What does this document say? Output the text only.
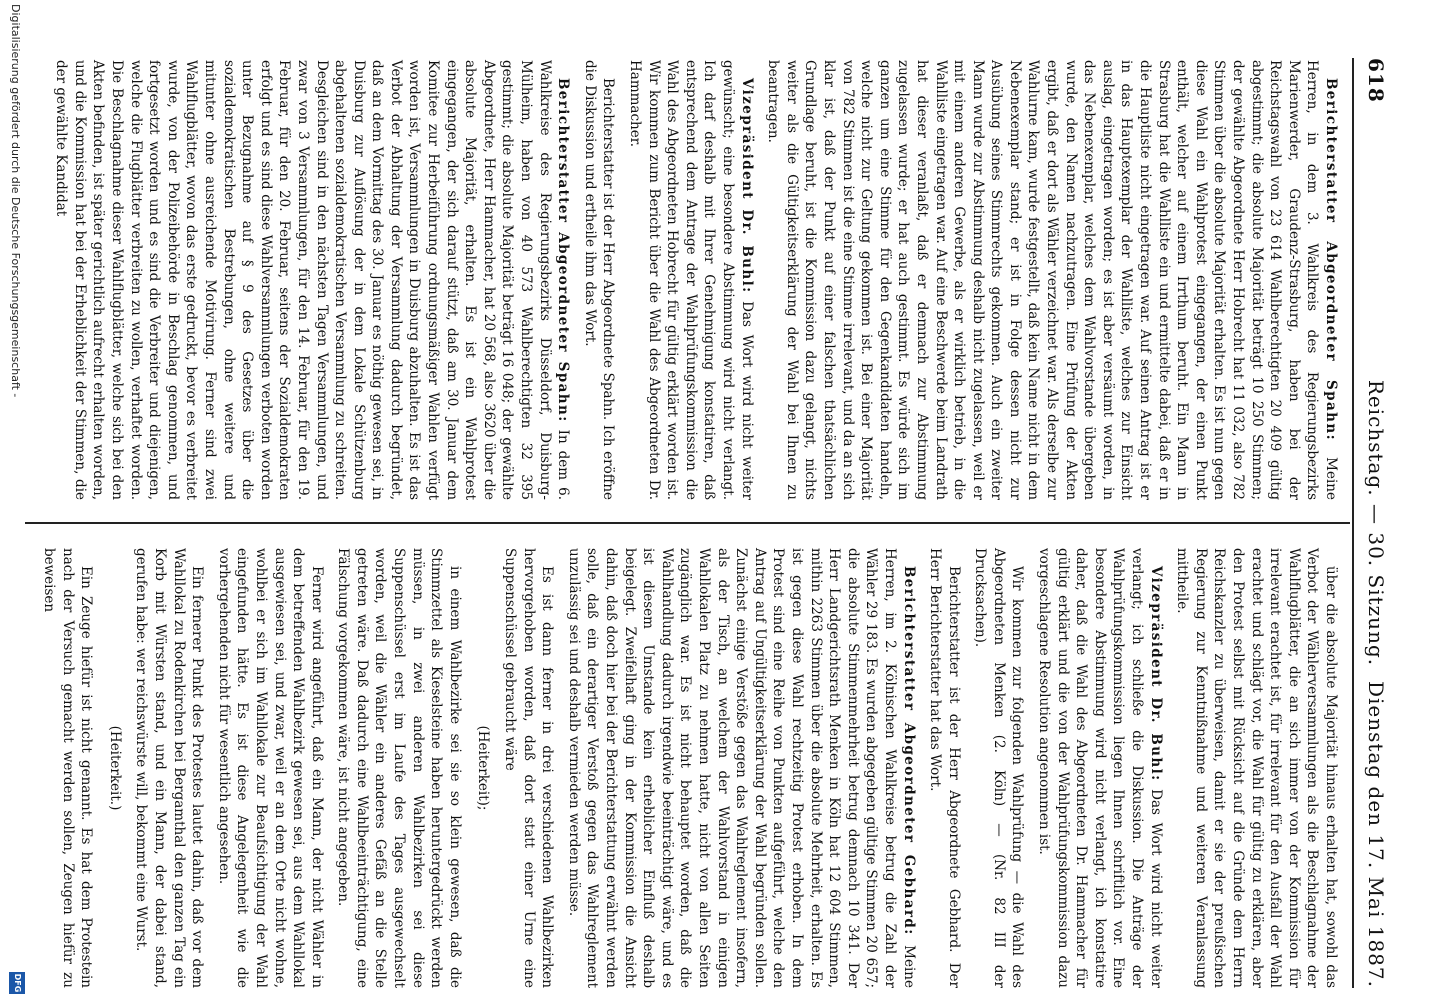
618
Reichstag. — 30. Sitzung.
Dienstag den 17. Mai 1887.

Berichterstatter Abgeordneter Spahn: Meine Herren, in dem 3. Wahlkreis des Regierungsbezirks Marienwerder, Graudenz-Strasburg, haben bei der Reichstagswahl von 23 614 Wahlberechtigten 20 409 gültig abgestimmt; die absolute Majorität beträgt 10 250 Stimmen; der gewählte Abgeordnete Herr Hobrecht hat 11 032, also 782 Stimmen über die absolute Majorität erhalten. Es ist nun gegen diese Wahl ein Wahlprotest eingegangen, der einen Punkt enthält, welcher auf einem Irrthum beruht. Ein Mann in Strasburg hat die Wahlliste ein und ermittelte dabei, daß er in die Hauptliste nicht eingetragen war. Auf seinen Antrag ist er in das Hauptexemplar der Wahlliste, welches zur Einsicht auslag, eingetragen worden; es ist aber versäumt worden, in das Nebenexemplar, welches dem Wahlvorstande übergeben wurde, den Namen nachzutragen. Eine Prüfung der Akten ergibt, daß er dort als Wähler verzeichnet war. Als derselbe zur Wahlurne kam, wurde festgestellt, daß kein Name nicht in dem Nebenexemplar stand; er ist in Folge dessen nicht zur Ausübung seines Stimmrechts gekommen. Auch ein zweiter Mann wurde zur Abstimmung deshalb nicht zugelassen, weil er mit einem anderen Gewerbe, als er wirklich betrieb, in die Wahlliste eingetragen war. Auf eine Beschwerde beim Landrath hat dieser veranlaßt, daß er demnach zur Abstimmung zugelassen wurde; er hat auch gestimmt. Es würde sich im ganzen um eine Stimme für den Gegenkandidaten handeln, welche nicht zur Geltung gekommen ist. Bei einer Majorität von 782 Stimmen ist die eine Stimme irrelevant, und da an sich klar ist, daß der Punkt auf einer falschen thatsächlichen Grundlage beruht, ist die Kommission dazu gelangt, nichts weiter als die Gültigkeitserklärung der Wahl bei Ihnen zu beantragen.

Vizepräsident Dr. Buhl: Das Wort wird nicht weiter gewünscht; eine besondere Abstimmung wird nicht verlangt. Ich darf deshalb mit Ihrer Genehmigung konstatiren, daß entsprechend dem Antrage der Wahlprüfungskommission die Wahl des Abgeordneten Hobrecht für gültig erklärt worden ist. Wir kommen zum Bericht über die Wahl des Abgeordneten Dr. Hammacher.

Berichterstatter ist der Herr Abgeordnete Spahn. Ich eröffne die Diskussion und ertheile ihm das Wort.

Berichterstatter Abgeordneter Spahn: In dem 6. Wahlkreise des Regierungsbezirks Düsseldorf, Duisburg-Mülheim, haben von 40 573 Wahlberechtigten 32 395 gestimmt; die absolute Majorität beträgt 16 048; der gewählte Abgeordnete, Herr Hammacher, hat 20 568, also 3620 über die absolute Majorität, erhalten. Es ist ein Wahlprotest eingegangen, der sich darauf stützt, daß am 30. Januar dem Komitee zur Herbeiführung ordnungsmäßiger Wahlen verfügt worden ist, Versammlungen in Duisburg abzuhalten. Es ist das Verbot der Abhaltung der Versammlung dadurch begründet, daß an dem Vormittag des 30. Januar es nöthig gewesen sei, in Duisburg zur Auflösung der in dem Lokale Schützenburg abgehaltenen sozialdemokratischen Versammlung zu schreiten. Desgleichen sind in den nächsten Tagen Versammlungen, und zwar von 3 Versammlungen, für den 14. Februar, für den 19. Februar, für den 20. Februar, seitens der Sozialdemokraten erfolgt und es sind diese Wahlversammlungen verboten worden unter Bezugnahme auf § 9 des Gesetzes über die sozialdemokratischen Bestrebungen, ohne weitere und mitunter ohne ausreichende Motivirung. Ferner sind zwei Wahlflugblätter, wovon das erste gedruckt, bevor es verbreitet wurde, von der Polizeibehörde in Beschlag genommen, und fortgesetzt worden und es sind die Verbreiter und diejenigen, welche die Flugblätter verbreiten zu wollen, verhaftet worden. Die Beschlagnahme dieser Wahlflugblätter, welche sich bei den Akten befinden, ist später gerichtlich aufrecht erhalten worden, und die Kommission hat bei der Erheblichkeit der Stimmen, die der gewählte Kandidat

über die absolute Majorität hinaus erhalten hat, sowohl das Verbot der Wählerversammlungen als die Beschlagnahme der Wahlflugblätter, die an sich immer von der Kommission für irrelevant erachtet ist, für irrelevant für den Ausfall der Wahl erachtet und schlägt vor, die Wahl für gültig zu erklären, aber den Protest selbst mit Rücksicht auf die Gründe dem Herrn Reichskanzler zu überweisen, damit er sie der preußischen Regierung zur Kenntnißnahme und weiteren Veranlassung mittheile.

Vizepräsident Dr. Buhl: Das Wort wird nicht weiter verlangt; ich schließe die Diskussion. Die Anträge der Wahlprüfungskommission liegen Ihnen schriftlich vor. Eine besondere Abstimmung wird nicht verlangt, ich konstatire daher, daß die Wahl des Abgeordneten Dr. Hammacher für gültig erklärt und die von der Wahlprüfungskommission dazu vorgeschlagene Resolution angenommen ist.

Wir kommen zur folgenden Wahlprüfung — die Wahl des Abgeordneten Menken (2. Köln) — (Nr. 82 III der Drucksachen).

Berichterstatter ist der Herr Abgeordnete Gebhard. Der Herr Berichterstatter hat das Wort.

Berichterstatter Abgeordneter Gebhard: Meine Herren, im 2. Kölnischen Wahlkreise betrug die Zahl der Wähler 29 183. Es wurden abgegeben gültige Stimmen 20 657; die absolute Stimmenmehrheit betrug demnach 10 341. Der Herr Landgerichtsrath Menken in Köln hat 12 604 Stimmen, mithin 2263 Stimmen über die absolute Mehrheit, erhalten. Es ist gegen diese Wahl rechtzeitig Protest erhoben. In dem Protest sind eine Reihe von Punkten aufgeführt, welche den Antrag auf Ungültigkeitserklärung der Wahl begründen sollen. Zunächst einige Verstöße gegen das Wahlreglement insofern, als der Tisch, an welchem der Wahlvorstand in einigen Wahllokalen Platz zu nehmen hatte, nicht von allen Seiten zugänglich war. Es ist nicht behauptet worden, daß die Wahlhandlung dadurch irgendwie beeinträchtigt wäre, und es ist diesem Umstande kein erheblicher Einfluß deshalb beigelegt. Zweifelhaft ging in der Kommission die Ansicht dahin, daß doch hier bei der Berichterstattung erwähnt werden solle, daß ein derartiger Verstoß gegen das Wahlreglement unzulässig sei und deshalb vermieden werden müsse.

Es ist dann ferner in drei verschiedenen Wahlbezirken hervorgehoben worden, daß dort statt einer Urne eine Suppenschüssel gebraucht wäre

(Heiterkeit);

in einem Wahlbezirke sei sie so klein gewesen, daß die Stimmzettel als Kieselsteine haben heruntergedrückt werden müssen, in zwei anderen Wahlbezirken sei diese Suppenschüssel erst im Laufe des Tages ausgewechselt worden, weil die Wähler ein anderes Gefäß an die Stelle getreten wäre. Daß dadurch eine Wahlbeeinträchtigung, eine Fälschung vorgekommen wäre, ist nicht angegeben.

Ferner wird angeführt, daß ein Mann, der nicht Wähler in dem betreffenden Wahlbezirk gewesen sei, aus dem Wahllokal ausgewiesen sei, und zwar, weil er an dem Orte nicht wohne, wohlbei er sich im Wahllokale zur Beaufsichtigung der Wahl eingefunden hätte. Es ist diese Angelegenheit wie die vorhergehenden nicht für wesentlich angesehen.

Ein fernerer Punkt des Protestes lautet dahin, daß vor dem Wahllokal zu Rodenkirchen bei Bergamthal den ganzen Tag ein Korb mit Würsten stand, und ein Mann, der dabei stand, gerufen habe: wer reichswürste will, bekommt eine Wurst.

(Heiterkeit.)

Ein Zeuge hiefür ist nicht genannt. Es hat dem Protestein nach der Versuch gemacht werden sollen, Zeugen hiefür zu beweisen

Digitalisierung gefördert durch die Deutsche Forschungsgemeinschaft -
DFG
